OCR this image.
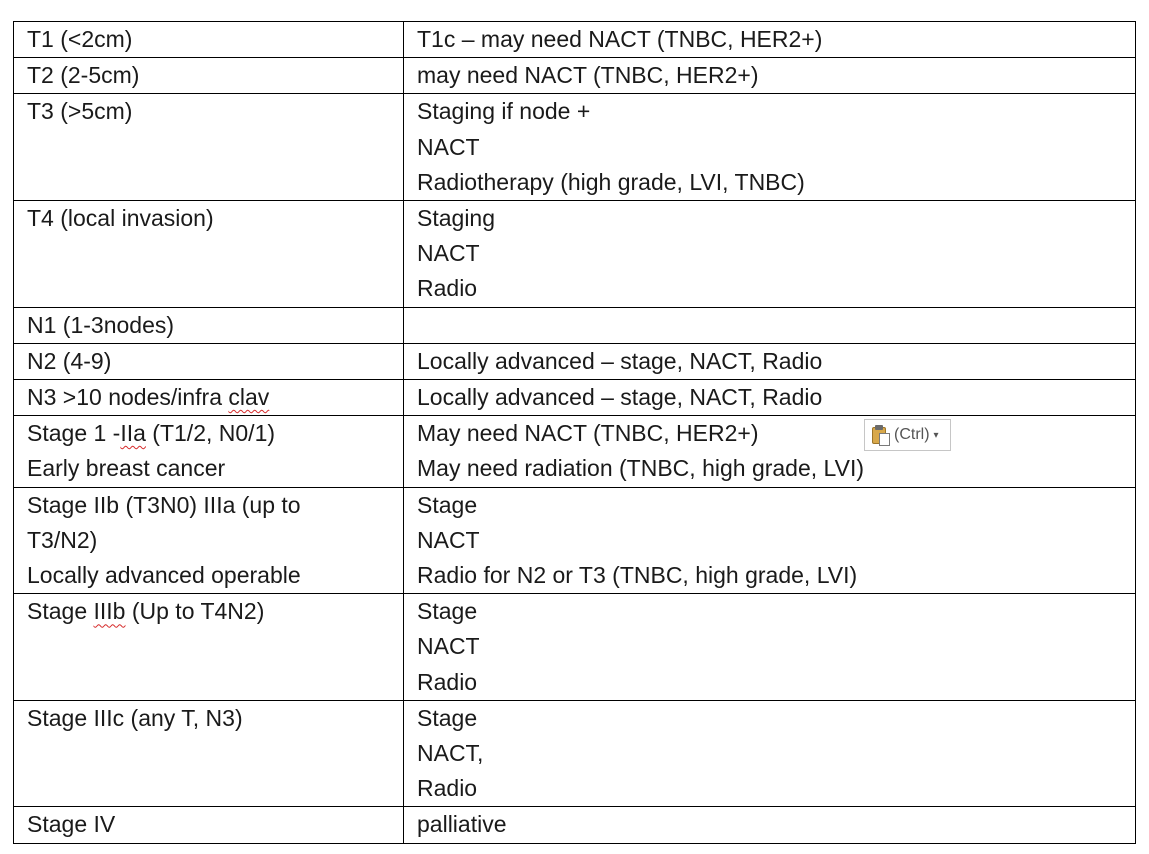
T1 (<2cm)	T1c – may need NACT (TNBC, HER2+)

T2 (2-5cm)	may need NACT (TNBC, HER2+)

T3 (>5cm)	Staging if node +
NACT
Radiotherapy (high grade, LVI, TNBC)

T4 (local invasion)	Staging
NACT
Radio

N1 (1-3nodes)	

N2 (4-9)	Locally advanced – stage, NACT, Radio

N3 >10 nodes/infra clav	Locally advanced – stage, NACT, Radio

Stage 1 -IIa (T1/2, N0/1)
Early breast cancer	May need NACT (TNBC, HER2+)
May need radiation (TNBC, high grade, LVI)

Stage IIb (T3N0) IIIa (up to
T3/N2)
Locally advanced operable	Stage
NACT
Radio for N2 or T3 (TNBC, high grade, LVI)

Stage IIIb (Up to T4N2)	Stage
NACT
Radio

Stage IIIc (any T, N3)	Stage
NACT,
Radio

Stage IV	palliative
(Ctrl) ▾
